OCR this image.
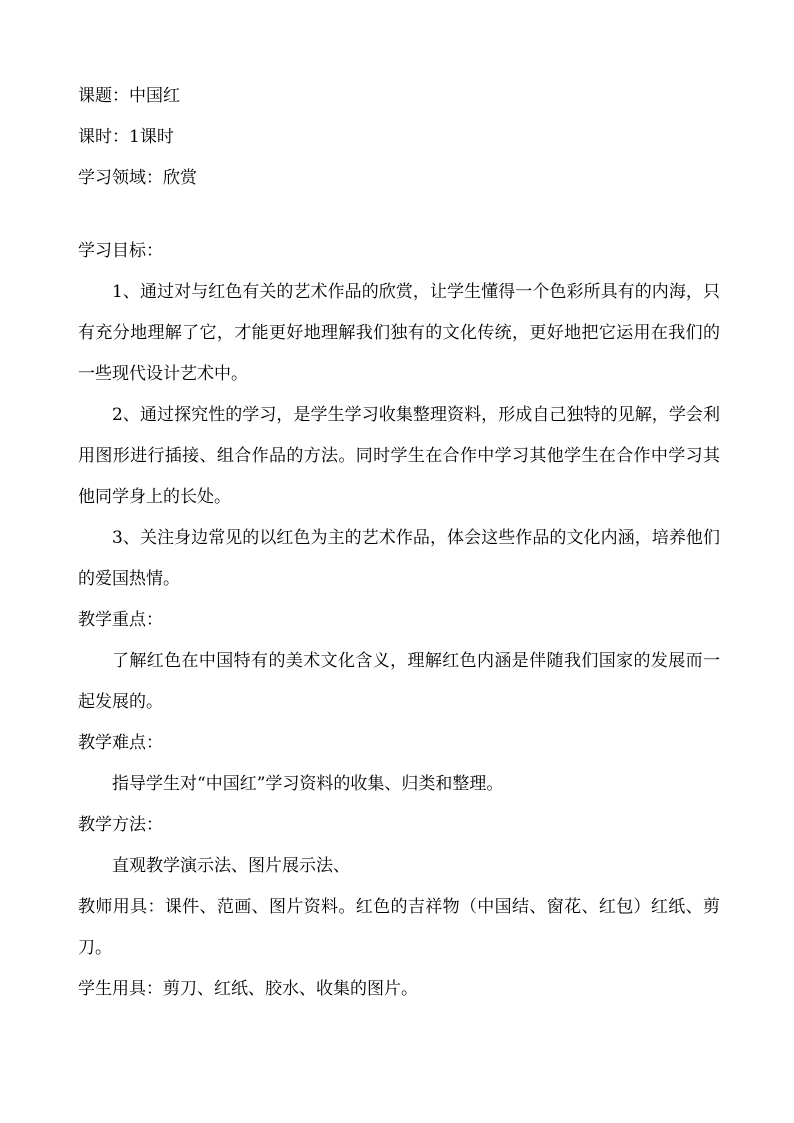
课题：中国红

课时：1课时

学习领域：欣赏

学习目标：

1、通过对与红色有关的艺术作品的欣赏，让学生懂得一个色彩所具有的内海，只有充分地理解了它，才能更好地理解我们独有的文化传统，更好地把它运用在我们的一些现代设计艺术中。

2、通过探究性的学习，是学生学习收集整理资料，形成自己独特的见解，学会利用图形进行插接、组合作品的方法。同时学生在合作中学习其他学生在合作中学习其他同学身上的长处。

3、关注身边常见的以红色为主的艺术作品，体会这些作品的文化内涵，培养他们的爱国热情。

教学重点：

了解红色在中国特有的美术文化含义，理解红色内涵是伴随我们国家的发展而一起发展的。

教学难点：

指导学生对“中国红”学习资料的收集、归类和整理。

教学方法：

直观教学演示法、图片展示法、

教师用具：课件、范画、图片资料。红色的吉祥物（中国结、窗花、红包）红纸、剪刀。

学生用具：剪刀、红纸、胶水、收集的图片。
